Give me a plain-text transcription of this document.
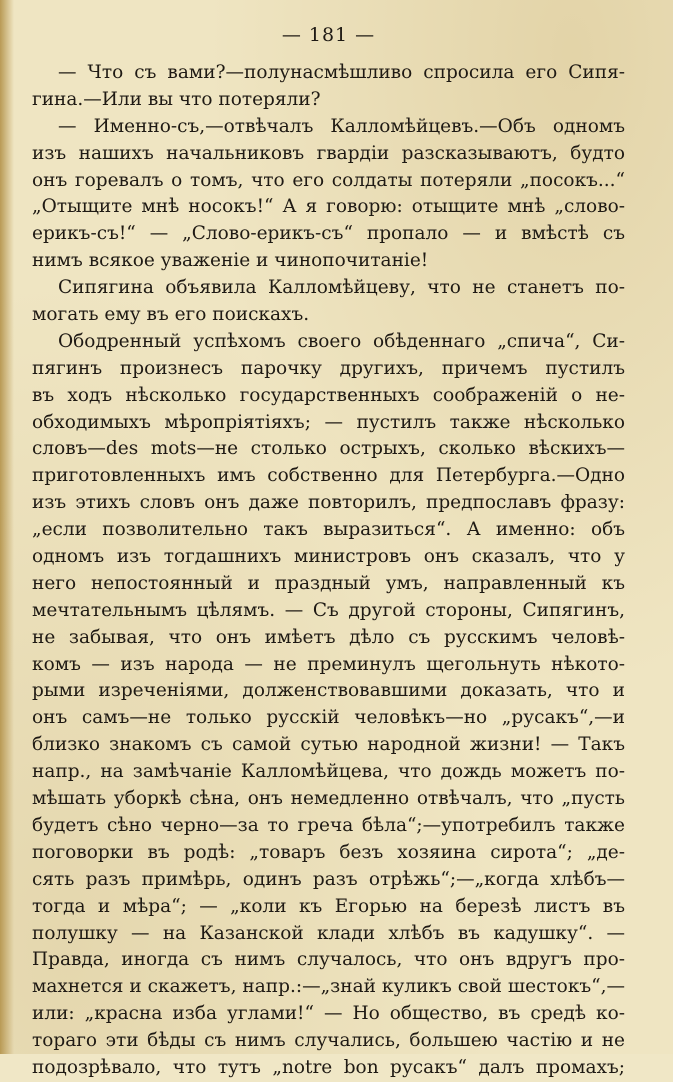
— 181 —
— Что съ вами?—полунасмѣшливо спросила его Сипя-
гина.—Или вы что потеряли?
— Именно-съ,—отвѣчалъ Калломѣйцевъ.—Объ одномъ
изъ нашихъ начальниковъ гвардіи разсказываютъ, будто
онъ горевалъ о томъ, что его солдаты потеряли „посокъ...“
„Отыщите мнѣ носокъ!“ А я говорю: отыщите мнѣ „слово-
ерикъ-съ!“ — „Слово-ерикъ-съ“ пропало — и вмѣстѣ съ
нимъ всякое уваженіе и чинопочитаніе!
Сипягина объявила Калломѣйцеву, что не станетъ по-
могать ему въ его поискахъ.
Ободренный успѣхомъ своего обѣденнаго „спича“, Си-
пягинъ произнесъ парочку другихъ, причемъ пустилъ
въ ходъ нѣсколько государственныхъ соображеній о не-
обходимыхъ мѣропріятіяхъ; — пустилъ также нѣсколько
словъ—des mots—не столько острыхъ, сколько вѣскихъ—
приготовленныхъ имъ собственно для Петербурга.—Одно
изъ этихъ словъ онъ даже повторилъ, предпославъ фразу:
„если позволительно такъ выразиться“. А именно: объ
одномъ изъ тогдашнихъ министровъ онъ сказалъ, что у
него непостоянный и праздный умъ, направленный къ
мечтательнымъ цѣлямъ. — Съ другой стороны, Сипягинъ,
не забывая, что онъ имѣетъ дѣло съ русскимъ человѣ-
комъ — изъ народа — не преминулъ щегольнуть нѣкото-
рыми изреченіями, долженствовавшими доказать, что и
онъ самъ—не только русскій человѣкъ—но „русакъ“,—и
близко знакомъ съ самой сутью народной жизни! — Такъ
напр., на замѣчаніе Калломѣйцева, что дождь можетъ по-
мѣшать уборкѣ сѣна, онъ немедленно отвѣчалъ, что „пусть
будетъ сѣно черно—за то греча бѣла“;—употребилъ также
поговорки въ родѣ: „товаръ безъ хозяина сирота“; „де-
сять разъ примѣрь, одинъ разъ отрѣжь“;—„когда хлѣбъ—
тогда и мѣра“; — „коли къ Егорью на березѣ листъ въ
полушку — на Казанской клади хлѣбъ въ кадушку“. —
Правда, иногда съ нимъ случалось, что онъ вдругъ про-
махнется и скажетъ, напр.:—„знай куликъ свой шестокъ“,—
или: „красна изба углами!“ — Но общество, въ средѣ ко-
тораго эти бѣды съ нимъ случались, большею частію и не
подозрѣвало, что тутъ „notre bon русакъ“ далъ промахъ;
